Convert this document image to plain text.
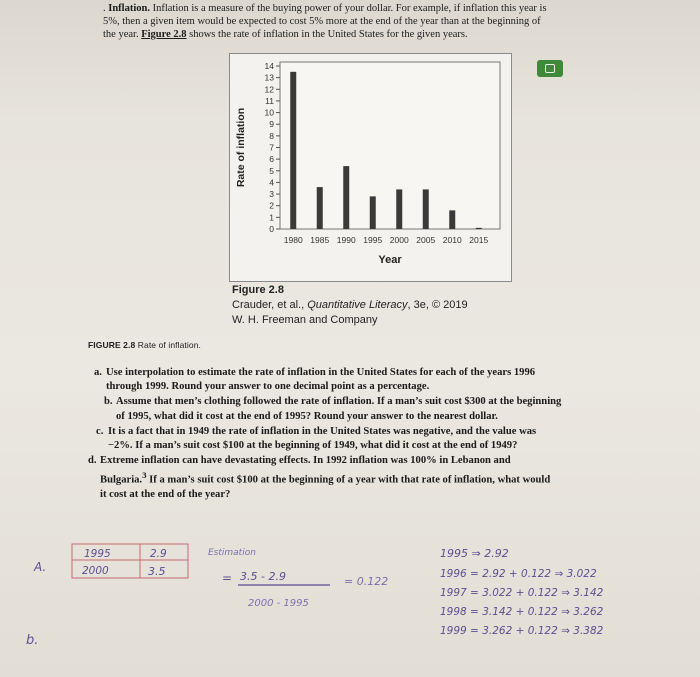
. Inflation. Inflation is a measure of the buying power of your dollar. For example, if inflation this year is
5%, then a given item would be expected to cost 5% more at the end of the year than at the beginning of
the year. Figure 2.8 shows the rate of inflation in the United States for the given years.
0
1
2
3
4
5
6
7
8
9
10
11
12
13
14
Rate of inflation
1980 1985 1990 1995 2000 2005 2010 2015
Year
Figure 2.8
Crauder, et al., Quantitative Literacy, 3e, © 2019
W. H. Freeman and Company
FIGURE 2.8 Rate of inflation.
a. Use interpolation to estimate the rate of inflation in the United States for each of the years 1996
through 1999. Round your answer to one decimal point as a percentage.
b. Assume that men’s clothing followed the rate of inflation. If a man’s suit cost $300 at the beginning
of 1995, what did it cost at the end of 1995? Round your answer to the nearest dollar.
c. It is a fact that in 1949 the rate of inflation in the United States was negative, and the value was
−2%. If a man’s suit cost $100 at the beginning of 1949, what did it cost at the end of 1949?
d. Extreme inflation can have devastating effects. In 1992 inflation was 100% in Lebanon and
Bulgaria.$^3$ If a man’s suit cost $100 at the beginning of a year with that rate of inflation, what would
it cost at the end of the year?
A.
b.
1995	2.9
2000	3.5
Estimation
= 3.5 - 2.9
2000 - 1995
= 0.122
1995 ⇒ 2.92
1996 = 2.92 + 0.122 ⇒ 3.022
1997 = 3.022 + 0.122 ⇒ 3.142
1998 = 3.142 + 0.122 ⇒ 3.262
1999 = 3.262 + 0.122 ⇒ 3.382
